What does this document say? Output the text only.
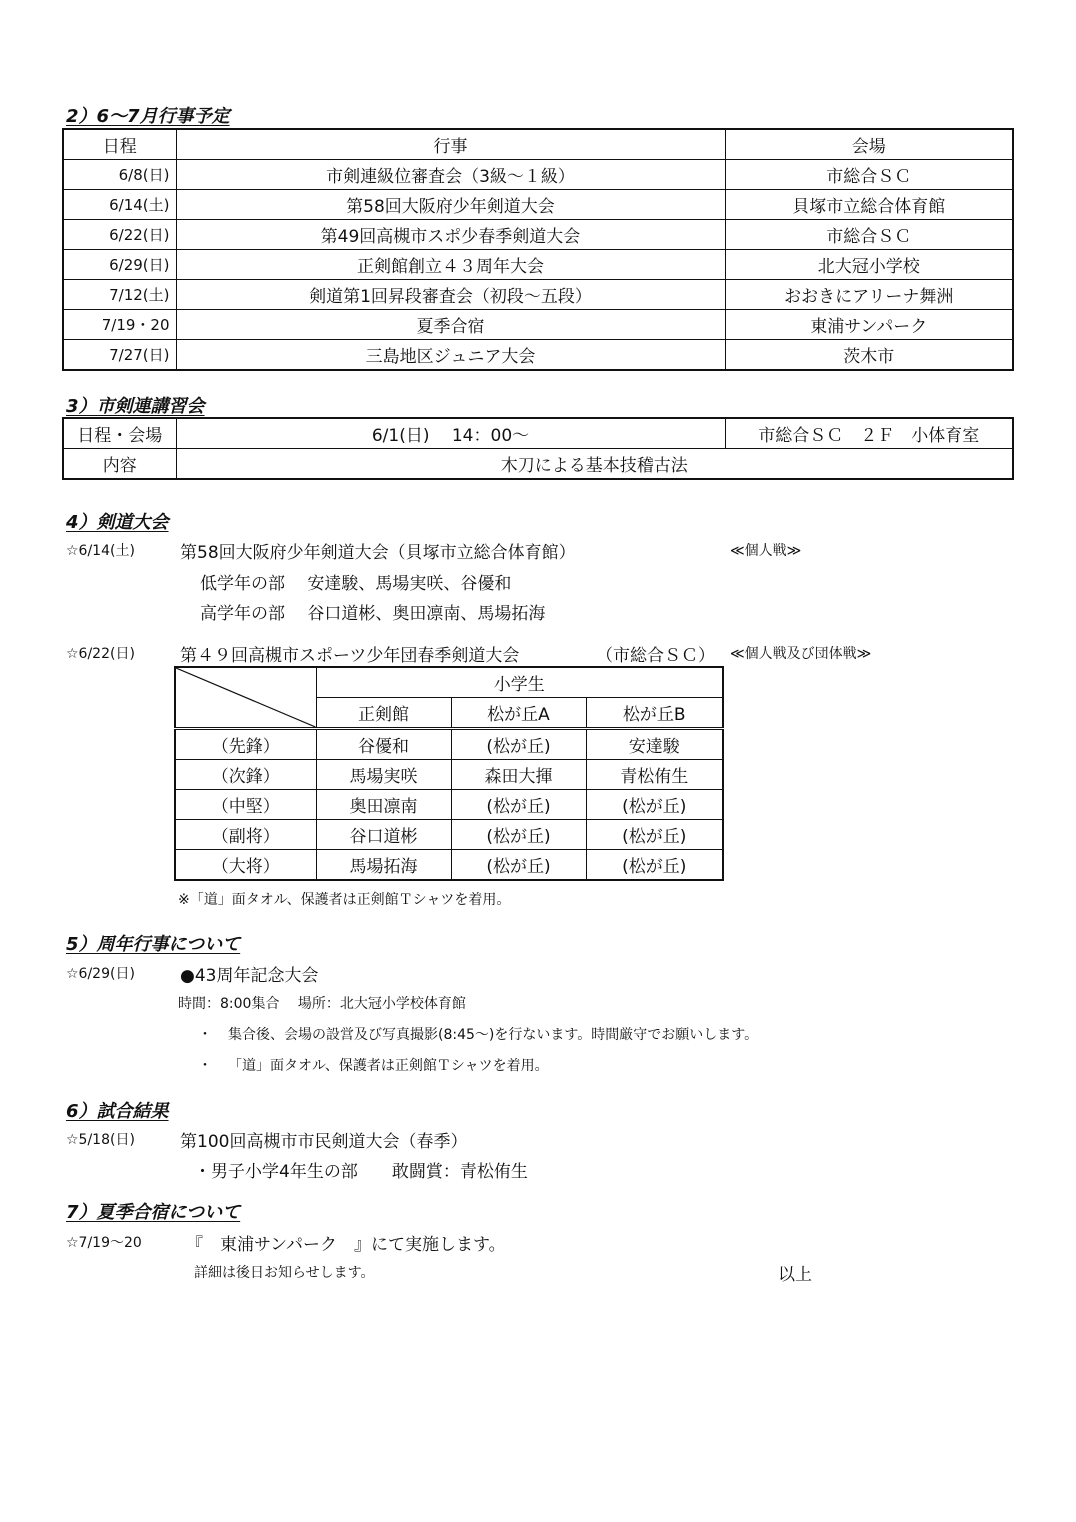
2）6～7月行事予定
日程	行事	会場
6/8(日)	市剣連級位審査会（3級～１級）	市総合ＳＣ
6/14(土)	第58回大阪府少年剣道大会	貝塚市立総合体育館
6/22(日)	第49回高槻市スポ少春季剣道大会	市総合ＳＣ
6/29(日)	正剣館創立４３周年大会	北大冠小学校
7/12(土)	剣道第1回昇段審査会（初段～五段）	おおきにアリーナ舞洲
7/19・20	夏季合宿	東浦サンパーク
7/27(日)	三島地区ジュニア大会	茨木市
3）市剣連講習会
日程・会場	6/1(日)　 14：00～	市総合ＳＣ　２Ｆ　小体育室
内容	木刀による基本技稽古法	
4）剣道大会
☆6/14(土)	第58回大阪府少年剣道大会（貝塚市立総合体育館）	≪個人戦≫
低学年の部　 安達駿、馬場実咲、谷優和
高学年の部　 谷口道彬、奥田凛南、馬場拓海
☆6/22(日)	第４９回高槻市スポーツ少年団春季剣道大会	（市総合ＳＣ） ≪個人戦及び団体戦≫
	小学生		
	正剣館	松が丘A	松が丘B
（先鋒）	谷優和	(松が丘)	安達駿
（次鋒）	馬場実咲	森田大揮	青松侑生
（中堅）	奥田凛南	(松が丘)	(松が丘)
（副将）	谷口道彬	(松が丘)	(松が丘)
（大将）	馬場拓海	(松が丘)	(松が丘)
※「道」面タオル、保護者は正剣館Ｔシャツを着用。
5）周年行事について
☆6/29(日)	●43周年記念大会
時間：8:00集合　 場所：北大冠小学校体育館
・ 集合後、会場の設営及び写真撮影(8:45～)を行ないます。時間厳守でお願いします。
・ 「道」面タオル、保護者は正剣館Ｔシャツを着用。
6）試合結果
☆5/18(日)	第100回高槻市市民剣道大会（春季）
・男子小学4年生の部　　敢闘賞：青松侑生
7）夏季合宿について
☆7/19～20	『　東浦サンパーク　』にて実施します。
詳細は後日お知らせします。	以上
